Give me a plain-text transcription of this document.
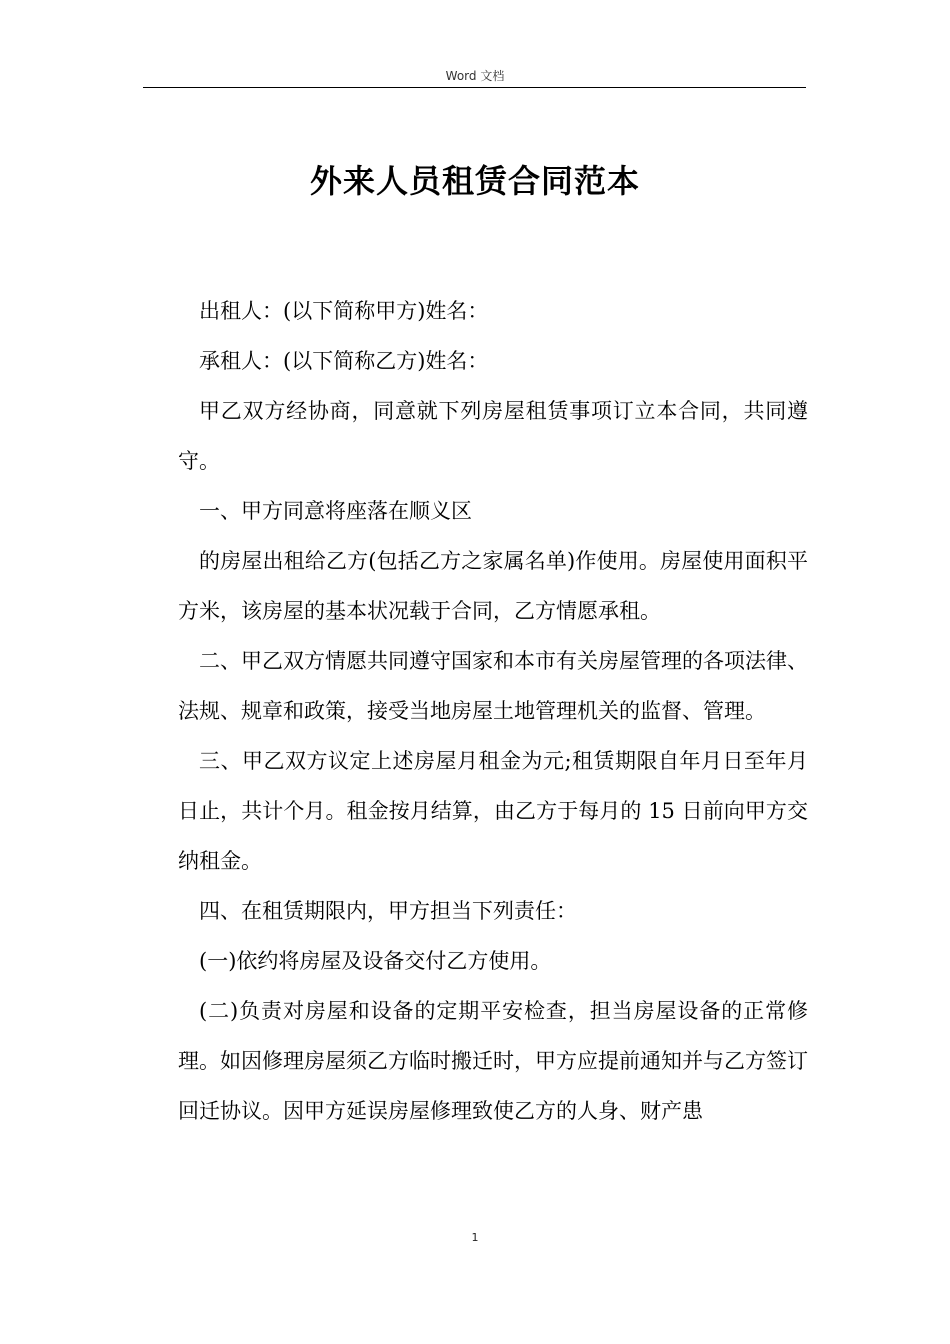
Word 文档
外来人员租赁合同范本

出租人：(以下简称甲方)姓名：

承租人：(以下简称乙方)姓名：

甲乙双方经协商，同意就下列房屋租赁事项订立本合同，共同遵守。

一、甲方同意将座落在顺义区

的房屋出租给乙方(包括乙方之家属名单)作使用。房屋使用面积平方米，该房屋的基本状况载于合同，乙方情愿承租。

二、甲乙双方情愿共同遵守国家和本市有关房屋管理的各项法律、法规、规章和政策，接受当地房屋土地管理机关的监督、管理。

三、甲乙双方议定上述房屋月租金为元;租赁期限自年月日至年月日止，共计个月。租金按月结算，由乙方于每月的 15 日前向甲方交纳租金。

四、在租赁期限内，甲方担当下列责任：

(一)依约将房屋及设备交付乙方使用。

(二)负责对房屋和设备的定期平安检查，担当房屋设备的正常修理。如因修理房屋须乙方临时搬迁时，甲方应提前通知并与乙方签订回迁协议。因甲方延误房屋修理致使乙方的人身、财产患

1
